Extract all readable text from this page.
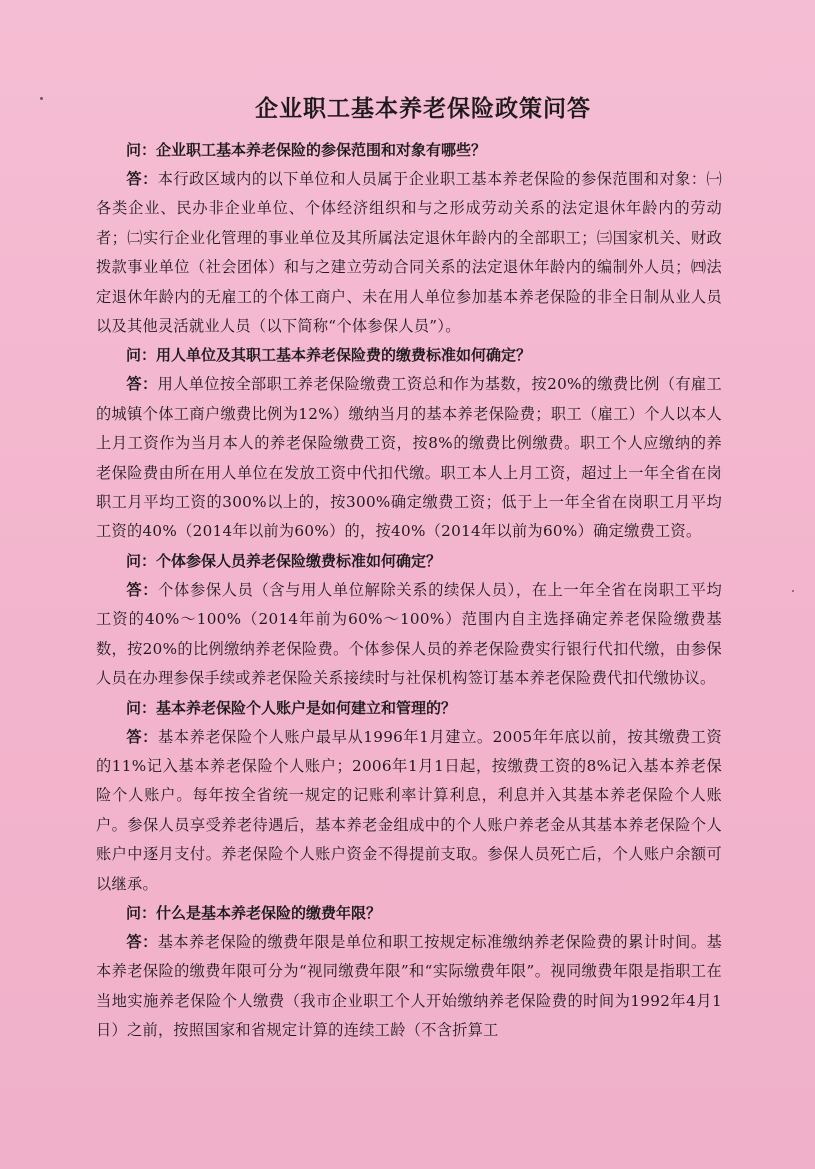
企业职工基本养老保险政策问答

问：企业职工基本养老保险的参保范围和对象有哪些？

答：本行政区域内的以下单位和人员属于企业职工基本养老保险的参保范围和对象：㈠各类企业、民办非企业单位、个体经济组织和与之形成劳动关系的法定退休年龄内的劳动者；㈡实行企业化管理的事业单位及其所属法定退休年龄内的全部职工；㈢国家机关、财政拨款事业单位（社会团体）和与之建立劳动合同关系的法定退休年龄内的编制外人员；㈣法定退休年龄内的无雇工的个体工商户、未在用人单位参加基本养老保险的非全日制从业人员以及其他灵活就业人员（以下简称“个体参保人员”）。

问：用人单位及其职工基本养老保险费的缴费标准如何确定？

答：用人单位按全部职工养老保险缴费工资总和作为基数，按20%的缴费比例（有雇工的城镇个体工商户缴费比例为12%）缴纳当月的基本养老保险费；职工（雇工）个人以本人上月工资作为当月本人的养老保险缴费工资，按8%的缴费比例缴费。职工个人应缴纳的养老保险费由所在用人单位在发放工资中代扣代缴。职工本人上月工资，超过上一年全省在岗职工月平均工资的300%以上的，按300%确定缴费工资；低于上一年全省在岗职工月平均工资的40%（2014年以前为60%）的，按40%（2014年以前为60%）确定缴费工资。

问：个体参保人员养老保险缴费标准如何确定？

答：个体参保人员（含与用人单位解除关系的续保人员），在上一年全省在岗职工平均工资的40%～100%（2014年前为60%～100%）范围内自主选择确定养老保险缴费基数，按20%的比例缴纳养老保险费。个体参保人员的养老保险费实行银行代扣代缴，由参保人员在办理参保手续或养老保险关系接续时与社保机构签订基本养老保险费代扣代缴协议。

问：基本养老保险个人账户是如何建立和管理的？

答：基本养老保险个人账户最早从1996年1月建立。2005年年底以前，按其缴费工资的11%记入基本养老保险个人账户；2006年1月1日起，按缴费工资的8%记入基本养老保险个人账户。每年按全省统一规定的记账利率计算利息，利息并入其基本养老保险个人账户。参保人员享受养老待遇后，基本养老金组成中的个人账户养老金从其基本养老保险个人账户中逐月支付。养老保险个人账户资金不得提前支取。参保人员死亡后，个人账户余额可以继承。

问：什么是基本养老保险的缴费年限？

答：基本养老保险的缴费年限是单位和职工按规定标准缴纳养老保险费的累计时间。基本养老保险的缴费年限可分为“视同缴费年限”和“实际缴费年限”。视同缴费年限是指职工在当地实施养老保险个人缴费（我市企业职工个人开始缴纳养老保险费的时间为1992年4月1日）之前，按照国家和省规定计算的连续工龄（不含折算工
